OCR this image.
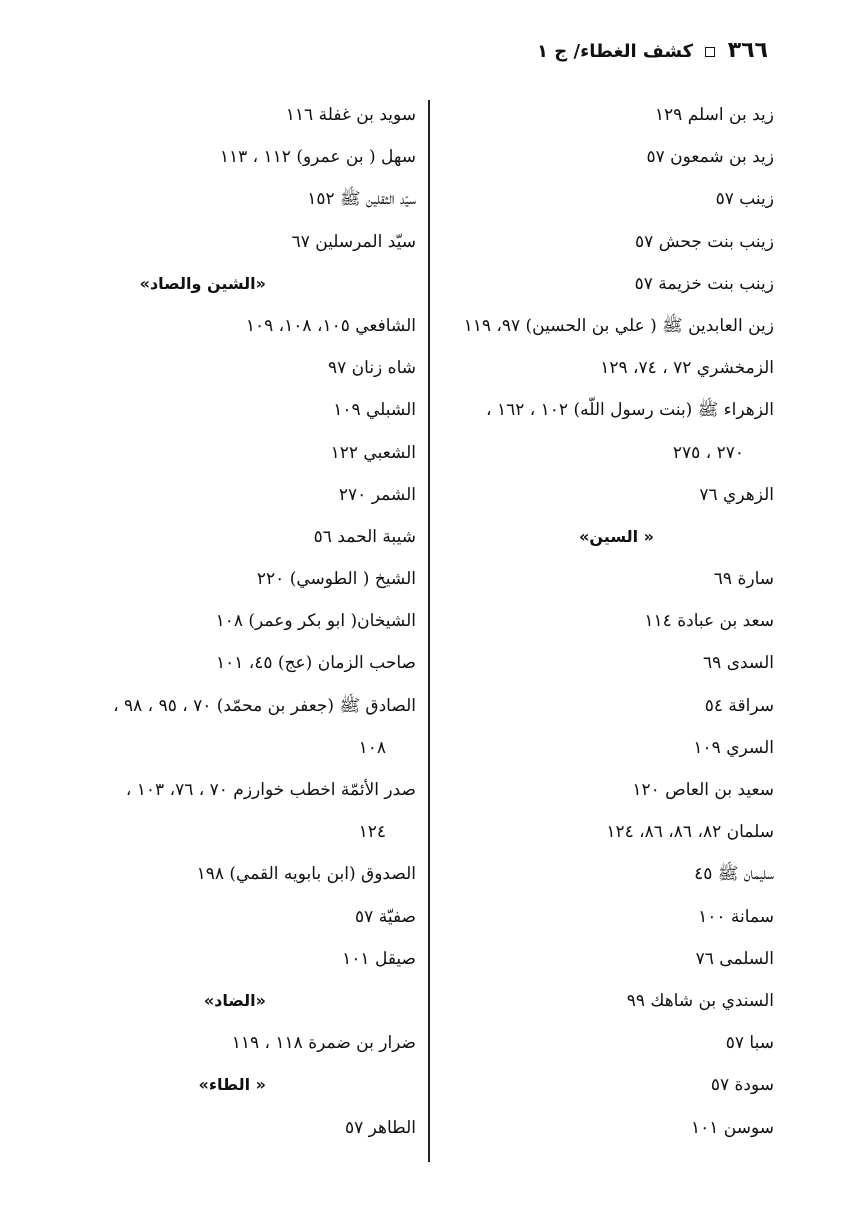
٣٦٦  كشف الغطاء/ ج ١
زيد بن اسلم ١٢٩
زيد بن شمعون ٥٧
زينب ٥٧
زينب بنت جحش ٥٧
زينب بنت خزيمة ٥٧
زين العابدين ﷺ ( علي بن الحسين) ٩٧، ١١٩
الزمخشري ٧٢ ، ٧٤، ١٢٩
الزهراء ﷺ (بنت رسول اللّه) ١٠٢ ، ١٦٢ ،
٢٧٠ ، ٢٧٥
الزهري ٧٦
« السين»
سارة ٦٩
سعد بن عبادة ١١٤
السدى ٦٩
سراقة ٥٤
السري ١٠٩
سعيد بن العاص ١٢٠
سلمان ٨٢، ٨٦، ٨٦، ١٢٤
سليمان ﷺ ٤٥
سمانة ١٠٠
السلمى ٧٦
السندي بن شاهك ٩٩
سبا ٥٧
سودة ٥٧
سوسن ١٠١
سويد بن غفلة ١١٦
سهل ( بن عمرو) ١١٢ ، ١١٣
سيّد الثقلين ﷺ ١٥٢
سيّد المرسلين ٦٧
«الشين والصاد»
الشافعي ١٠٥، ١٠٨، ١٠٩
شاه زنان ٩٧
الشبلي ١٠٩
الشعبي ١٢٢
الشمر ٢٧٠
شيبة الحمد ٥٦
الشيخ ( الطوسي) ٢٢٠
الشيخان( ابو بكر وعمر) ١٠٨
صاحب الزمان (عج) ٤٥، ١٠١
الصادق ﷺ (جعفر بن محمّد) ٧٠ ، ٩٥ ، ٩٨ ،
١٠٨
صدر الأئمّة اخطب خوارزم ٧٠ ، ٧٦، ١٠٣ ،
١٢٤
الصدوق (ابن بابويه القمي) ١٩٨
صفيّة ٥٧
صيقل ١٠١
«الضاد»
ضرار بن ضمرة ١١٨ ، ١١٩
« الطاء»
الطاهر ٥٧
